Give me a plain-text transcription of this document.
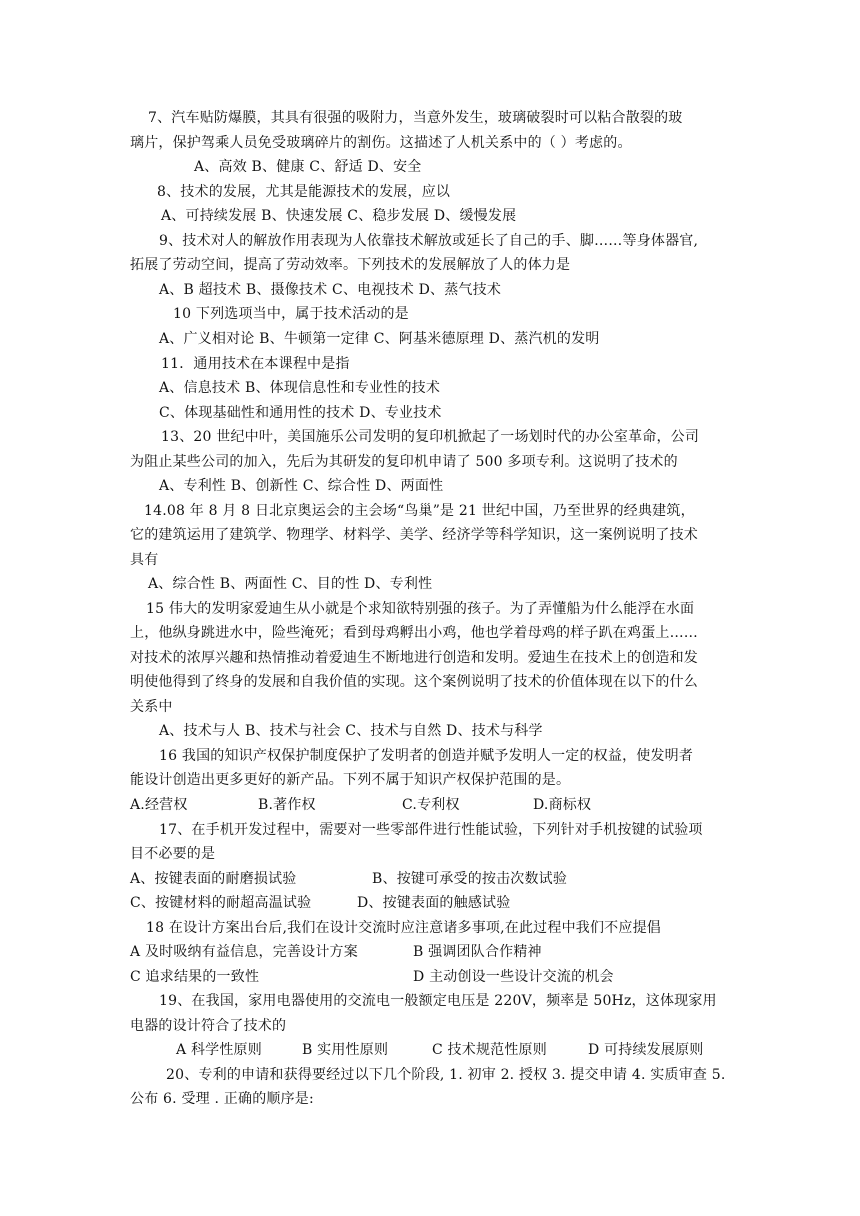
7、汽车贴防爆膜，其具有很强的吸附力，当意外发生，玻璃破裂时可以粘合散裂的玻
璃片，保护驾乘人员免受玻璃碎片的割伤。这描述了人机关系中的（ ）考虑的。
A、高效 B、健康 C、舒适 D、安全
8、技术的发展，尤其是能源技术的发展，应以
A、可持续发展 B、快速发展 C、稳步发展 D、缓慢发展
9、技术对人的解放作用表现为人依靠技术解放或延长了自己的手、脚……等身体器官,
拓展了劳动空间，提高了劳动效率。下列技术的发展解放了人的体力是
A、B 超技术 B、摄像技术 C、电视技术 D、蒸气技术
10 下列选项当中，属于技术活动的是
A、广义相对论 B、牛顿第一定律 C、阿基米德原理 D、蒸汽机的发明
11．通用技术在本课程中是指
A、信息技术 B、体现信息性和专业性的技术
C、体现基础性和通用性的技术 D、专业技术
13、20 世纪中叶，美国施乐公司发明的复印机掀起了一场划时代的办公室革命，公司
为阻止某些公司的加入，先后为其研发的复印机申请了 500 多项专利。这说明了技术的
A、专利性 B、创新性 C、综合性 D、两面性
14.08 年 8 月 8 日北京奥运会的主会场“鸟巢”是 21 世纪中国，乃至世界的经典建筑，
它的建筑运用了建筑学、物理学、材料学、美学、经济学等科学知识，这一案例说明了技术
具有
A、综合性 B、两面性 C、目的性 D、专利性
15 伟大的发明家爱迪生从小就是个求知欲特别强的孩子。为了弄懂船为什么能浮在水面
上，他纵身跳进水中，险些淹死；看到母鸡孵出小鸡，他也学着母鸡的样子趴在鸡蛋上……
对技术的浓厚兴趣和热情推动着爱迪生不断地进行创造和发明。爱迪生在技术上的创造和发
明使他得到了终身的发展和自我价值的实现。这个案例说明了技术的价值体现在以下的什么
关系中
A、技术与人 B、技术与社会 C、技术与自然 D、技术与科学
16 我国的知识产权保护制度保护了发明者的创造并赋予发明人一定的权益，使发明者
能设计创造出更多更好的新产品。下列不属于知识产权保护范围的是。
A.经营权	B.著作权	C.专利权	D.商标权
17、在手机开发过程中，需要对一些零部件进行性能试验，下列针对手机按键的试验项
目不必要的是
A、按键表面的耐磨损试验	B、按键可承受的按击次数试验
C、按键材料的耐超高温试验	D、按键表面的触感试验
18 在设计方案出台后,我们在设计交流时应注意诸多事项,在此过程中我们不应提倡
A 及时吸纳有益信息，完善设计方案	B 强调团队合作精神
C 追求结果的一致性	D 主动创设一些设计交流的机会
19、在我国，家用电器使用的交流电一般额定电压是 220V，频率是 50Hz，这体现家用
电器的设计符合了技术的
A 科学性原则	B 实用性原则	C 技术规范性原则	D 可持续发展原则
20、专利的申请和获得要经过以下几个阶段, 1. 初审 2. 授权 3. 提交申请 4. 实质审查 5.
公布 6. 受理 . 正确的顺序是:
